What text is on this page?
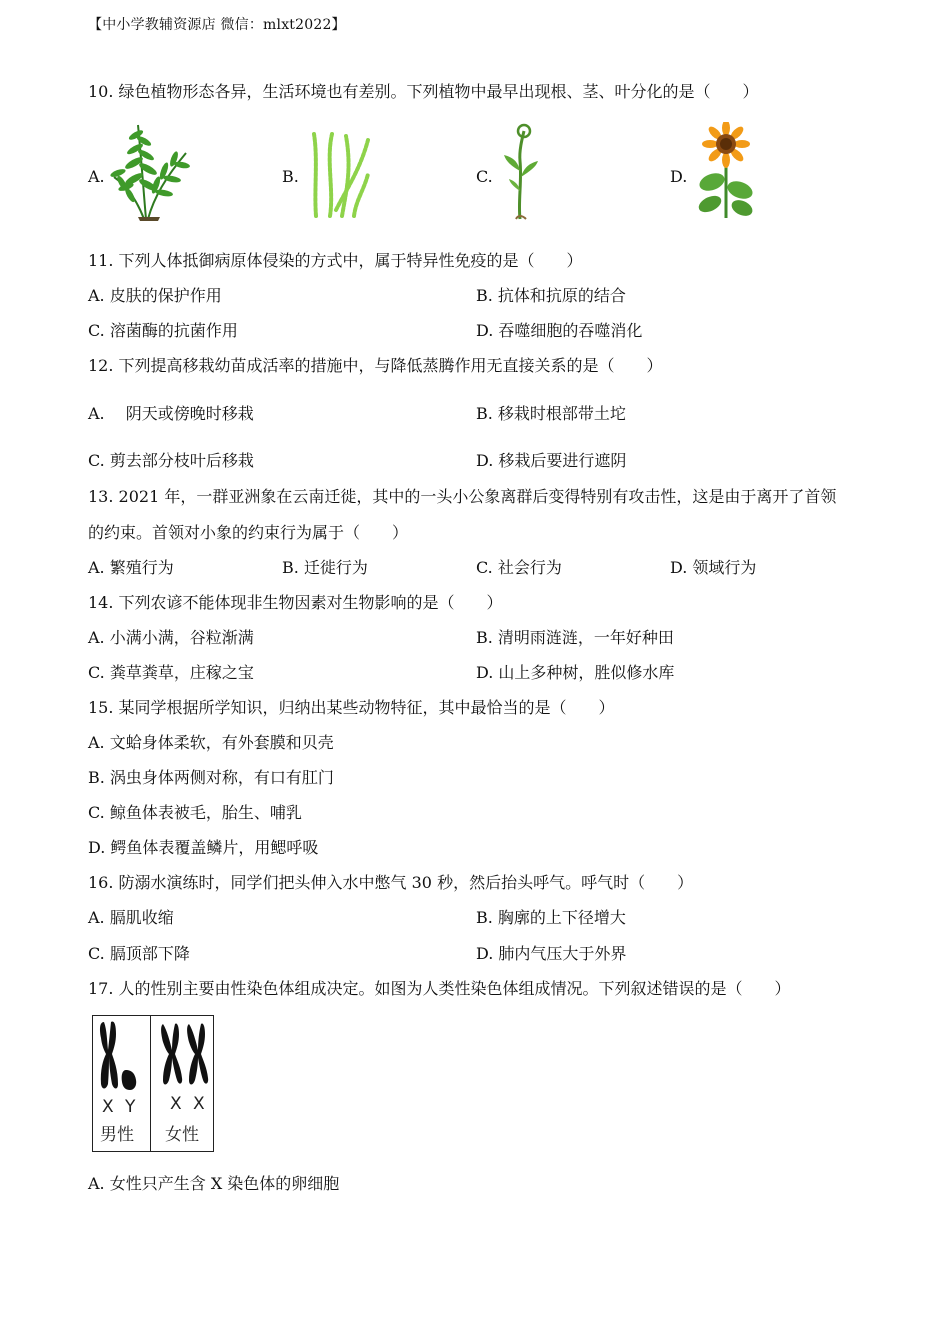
【中小学教辅资源店 微信：mlxt2022】
10. 绿色植物形态各异，生活环境也有差别。下列植物中最早出现根、茎、叶分化的是（　　）
A.	B.	C.	D.
11. 下列人体抵御病原体侵染的方式中，属于特异性免疫的是（　　）
A. 皮肤的保护作用	B. 抗体和抗原的结合
C. 溶菌酶的抗菌作用	D. 吞噬细胞的吞噬消化
12. 下列提高移栽幼苗成活率的措施中，与降低蒸腾作用无直接关系的是（　　）
A.　 阴天或傍晚时移栽	B. 移栽时根部带土坨
C. 剪去部分枝叶后移栽	D. 移栽后要进行遮阴
13. 2021 年，一群亚洲象在云南迁徙，其中的一头小公象离群后变得特别有攻击性，这是由于离开了首领
的约束。首领对小象的约束行为属于（　　）
A. 繁殖行为	B. 迁徙行为	C. 社会行为	D. 领域行为
14. 下列农谚不能体现非生物因素对生物影响的是（　　）
A. 小满小满，谷粒渐满	B. 清明雨涟涟，一年好种田
C. 粪草粪草，庄稼之宝	D. 山上多种树，胜似修水库
15. 某同学根据所学知识，归纳出某些动物特征，其中最恰当的是（　　）
A. 文蛤身体柔软，有外套膜和贝壳
B. 涡虫身体两侧对称，有口有肛门
C. 鲸鱼体表被毛，胎生、哺乳
D. 鳄鱼体表覆盖鳞片，用鳃呼吸
16. 防溺水演练时，同学们把头伸入水中憋气 30 秒，然后抬头呼气。呼气时（　　）
A. 膈肌收缩	B. 胸廓的上下径增大
C. 膈顶部下降	D. 肺内气压大于外界
17. 人的性别主要由性染色体组成决定。如图为人类性染色体组成情况。下列叙述错误的是（　　）
X Y
男性
X X
女性
A. 女性只产生含 X 染色体的卵细胞
